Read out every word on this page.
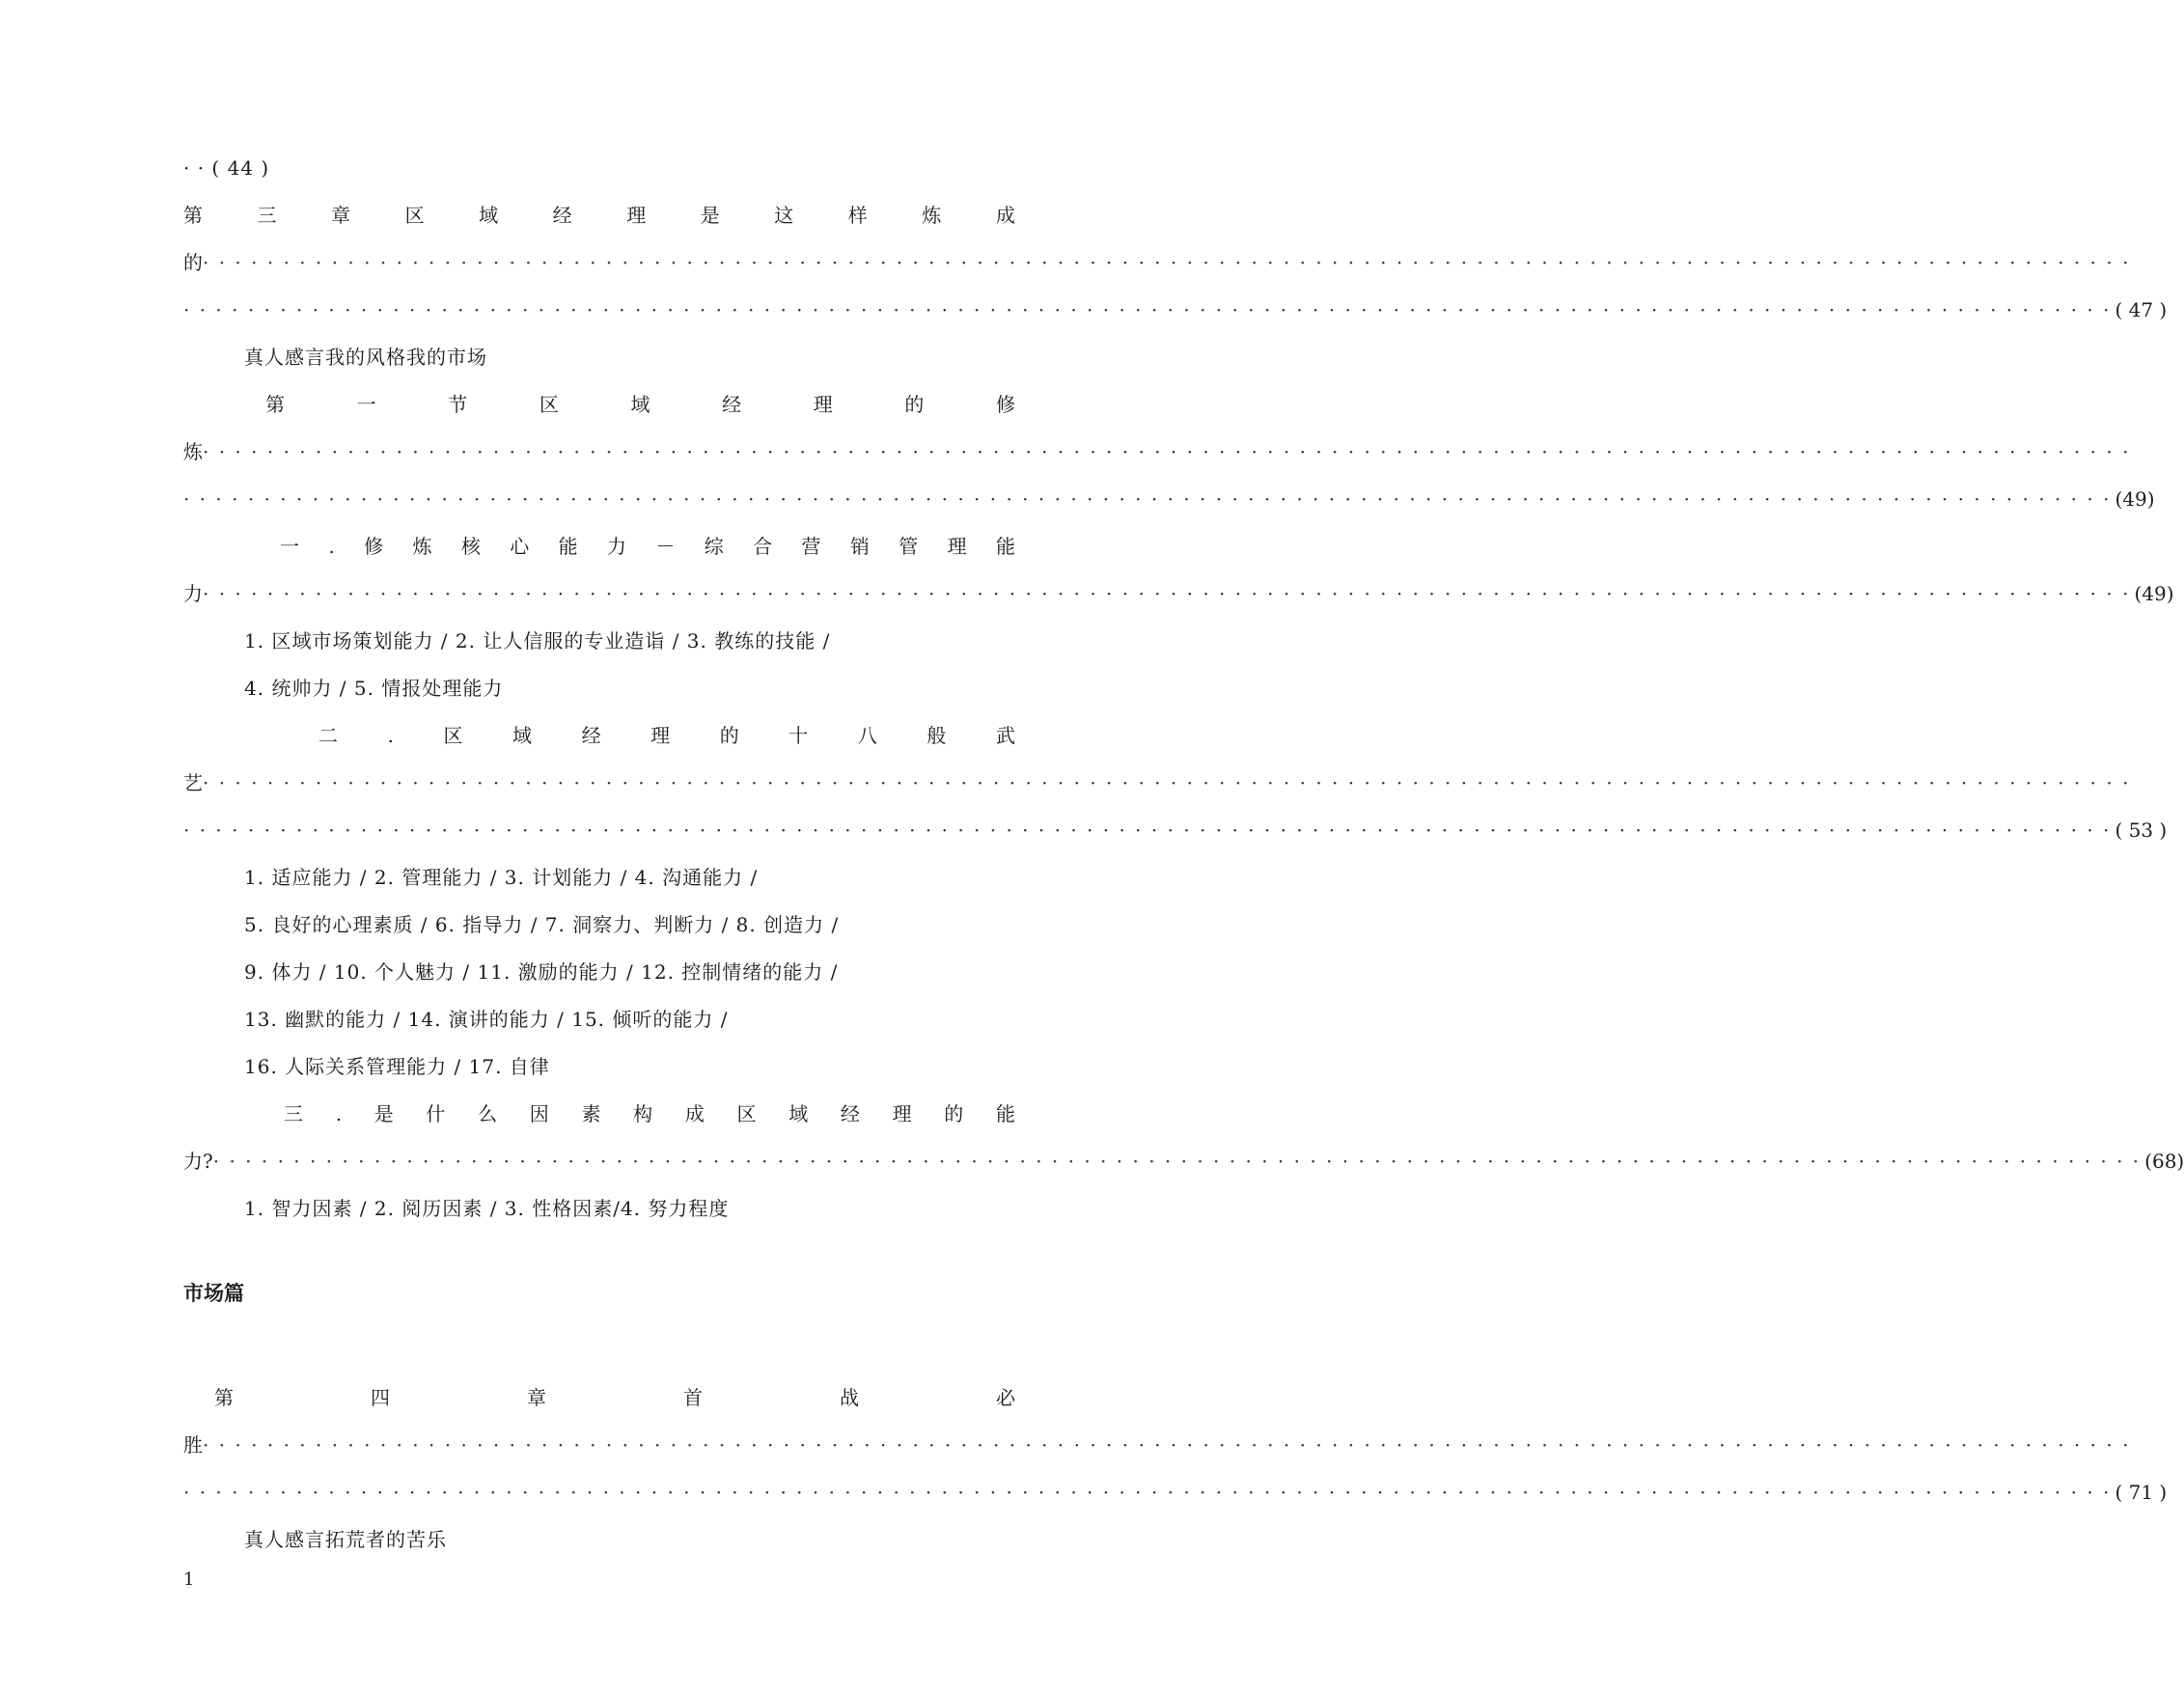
· · ( 44 )
第	三	章	区	域	经	理	是	这	样	炼	成
的 · · · · · · · · · · · · · · · · · · · · · · · · · · · · · · · · · · · · · · · · · · · · · · · · · · · · · · · · · · · · · · · · · · · · · · · · · · · · · · · · · · · · · · · · · · · · · · · · · · · · · · · · · · · · · · · · · · · · · · · ·
· · · · · · · · · · · · · · · · · · · · · · · · · · · · · · · · · · · · · · · · · · · · · · · · · · · · · · · · · · · · · · · · · · · · · · · · · · · · · · · · · · · · · · · · · · · · · · · · · · · · · · · · · · · · · · · · · · · · · · · · ( 47 )
真人感言我的风格我的市场
第	一	节	区	域	经	理	的	修
炼 · · · · · · · · · · · · · · · · · · · · · · · · · · · · · · · · · · · · · · · · · · · · · · · · · · · · · · · · · · · · · · · · · · · · · · · · · · · · · · · · · · · · · · · · · · · · · · · · · · · · · · · · · · · · · · · · · · · · · · · ·
· · · · · · · · · · · · · · · · · · · · · · · · · · · · · · · · · · · · · · · · · · · · · · · · · · · · · · · · · · · · · · · · · · · · · · · · · · · · · · · · · · · · · · · · · · · · · · · · · · · · · · · · · · · · · · · · · · · · · · · · (49)
一 . 修 炼 核 心 能 力 － 综 合 营 销 管 理 能
力 · · · · · · · · · · · · · · · · · · · · · · · · · · · · · · · · · · · · · · · · · · · · · · · · · · · · · · · · · · · · · · · · · · · · · · · · · · · · · · · · · · · · · · · · · · · · · · · · · · · · · · · · · · · · · · · · · · · · · · · · (49)
1. 区域市场策划能力 / 2. 让人信服的专业造诣 / 3. 教练的技能 /
4. 统帅力 / 5. 情报处理能力
二	.	区	域	经	理	的	十	八	般	武
艺 · · · · · · · · · · · · · · · · · · · · · · · · · · · · · · · · · · · · · · · · · · · · · · · · · · · · · · · · · · · · · · · · · · · · · · · · · · · · · · · · · · · · · · · · · · · · · · · · · · · · · · · · · · · · · · · · · · · · · · · ·
· · · · · · · · · · · · · · · · · · · · · · · · · · · · · · · · · · · · · · · · · · · · · · · · · · · · · · · · · · · · · · · · · · · · · · · · · · · · · · · · · · · · · · · · · · · · · · · · · · · · · · · · · · · · · · · · · · · · · · · · ( 53 )
1. 适应能力 / 2. 管理能力 / 3. 计划能力 / 4. 沟通能力 /
5. 良好的心理素质 / 6. 指导力 / 7. 洞察力、判断力 / 8. 创造力 /
9. 体力 / 10. 个人魅力 / 11. 激励的能力 / 12. 控制情绪的能力 /
13. 幽默的能力 / 14. 演讲的能力 / 15. 倾听的能力 /
16. 人际关系管理能力 / 17. 自律
三 . 是 什 么 因 素 构 成 区 域 经 理 的 能
力? · · · · · · · · · · · · · · · · · · · · · · · · · · · · · · · · · · · · · · · · · · · · · · · · · · · · · · · · · · · · · · · · · · · · · · · · · · · · · · · · · · · · · · · · · · · · · · · · · · · · · · · · · · · · · · · · · · · · · · · · (68)
1. 智力因素 / 2. 阅历因素 / 3. 性格因素/4. 努力程度
市场篇
第	四	章	首	战	必
胜 · · · · · · · · · · · · · · · · · · · · · · · · · · · · · · · · · · · · · · · · · · · · · · · · · · · · · · · · · · · · · · · · · · · · · · · · · · · · · · · · · · · · · · · · · · · · · · · · · · · · · · · · · · · · · · · · · · · · · · · ·
· · · · · · · · · · · · · · · · · · · · · · · · · · · · · · · · · · · · · · · · · · · · · · · · · · · · · · · · · · · · · · · · · · · · · · · · · · · · · · · · · · · · · · · · · · · · · · · · · · · · · · · · · · · · · · · · · · · · · · · · ( 71 )
真人感言拓荒者的苦乐
1
